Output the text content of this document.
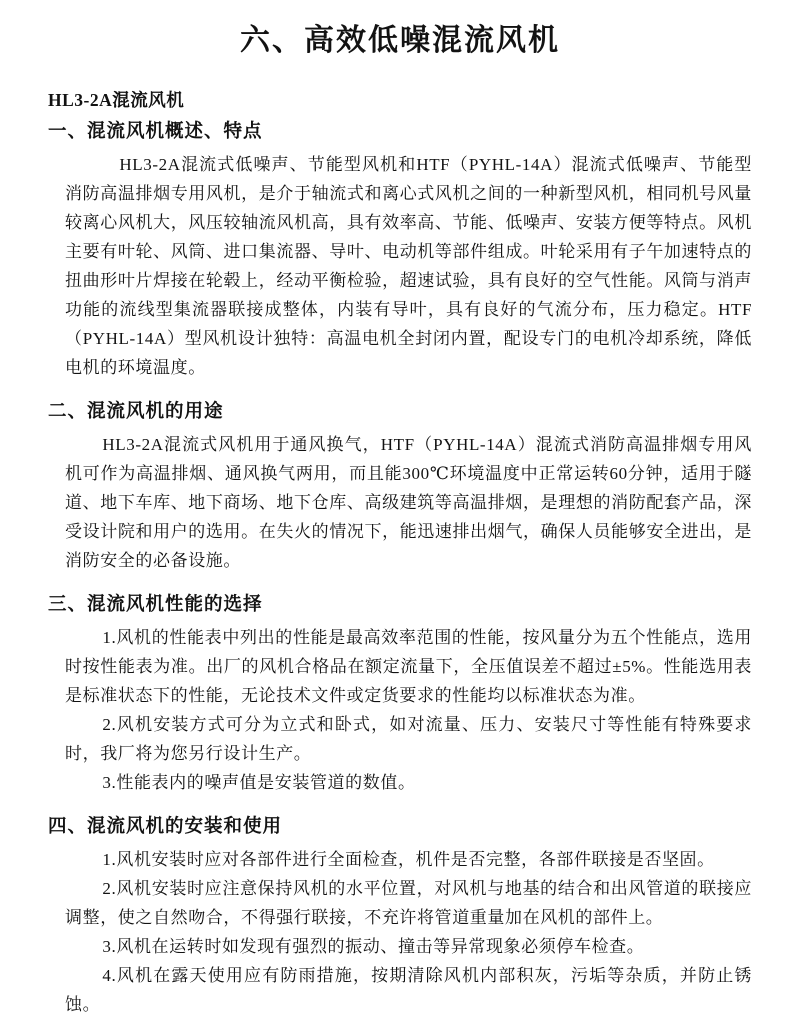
六、高效低噪混流风机
HL3-2A混流风机
一、混流风机概述、特点

HL3-2A混流式低噪声、节能型风机和HTF（PYHL-14A）混流式低噪声、节能型消防高温排烟专用风机，是介于轴流式和离心式风机之间的一种新型风机，相同机号风量较离心风机大，风压较轴流风机高，具有效率高、节能、低噪声、安装方便等特点。风机主要有叶轮、风筒、进口集流器、导叶、电动机等部件组成。叶轮采用有子午加速特点的扭曲形叶片焊接在轮毂上，经动平衡检验，超速试验，具有良好的空气性能。风筒与消声功能的流线型集流器联接成整体，内装有导叶，具有良好的气流分布，压力稳定。HTF（PYHL-14A）型风机设计独特：高温电机全封闭内置，配设专门的电机冷却系统，降低电机的环境温度。

二、混流风机的用途

HL3-2A混流式风机用于通风换气，HTF（PYHL-14A）混流式消防高温排烟专用风机可作为高温排烟、通风换气两用，而且能300℃环境温度中正常运转60分钟，适用于隧道、地下车库、地下商场、地下仓库、高级建筑等高温排烟，是理想的消防配套产品，深受设计院和用户的选用。在失火的情况下，能迅速排出烟气，确保人员能够安全进出，是消防安全的必备设施。

三、混流风机性能的选择

1.风机的性能表中列出的性能是最高效率范围的性能，按风量分为五个性能点，选用时按性能表为准。出厂的风机合格品在额定流量下，全压值误差不超过±5%。性能选用表是标准状态下的性能，无论技术文件或定货要求的性能均以标准状态为准。

2.风机安装方式可分为立式和卧式，如对流量、压力、安装尺寸等性能有特殊要求时，我厂将为您另行设计生产。

3.性能表内的噪声值是安装管道的数值。

四、混流风机的安装和使用

1.风机安装时应对各部件进行全面检查，机件是否完整，各部件联接是否坚固。

2.风机安装时应注意保持风机的水平位置，对风机与地基的结合和出风管道的联接应调整，使之自然吻合，不得强行联接，不充许将管道重量加在风机的部件上。

3.风机在运转时如发现有强烈的振动、撞击等异常现象必须停车检查。

4.风机在露天使用应有防雨措施，按期清除风机内部积灰，污垢等杂质，并防止锈蚀。
